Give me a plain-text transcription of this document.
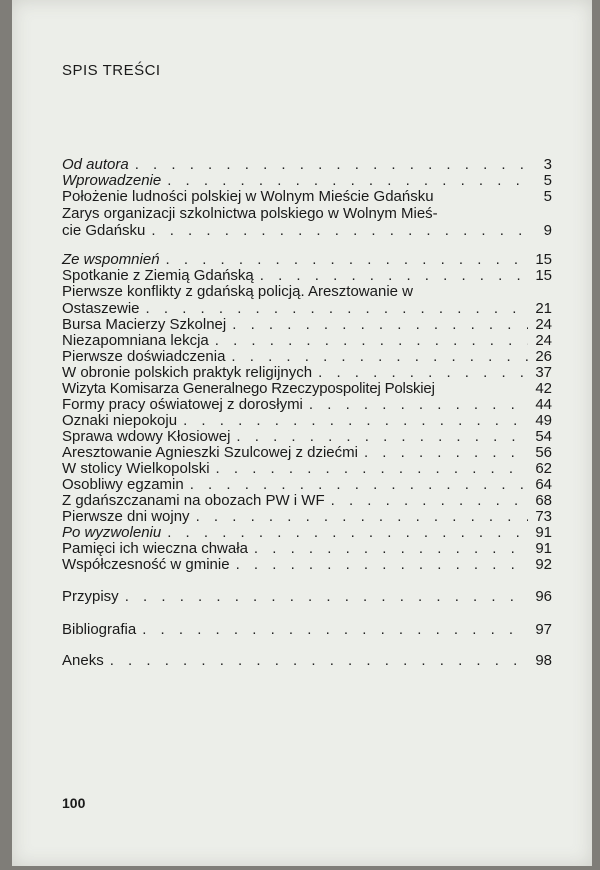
SPIS TREŚCI
Od autora . . .	3
Wprowadzenie . . .	5
Położenie ludności polskiej w Wolnym Mieście Gdańsku	5
Zarys organizacji szkolnictwa polskiego w Wolnym Mieś-
cie Gdańsku . . .	9
Ze wspomnień . . .	15
Spotkanie z Ziemią Gdańską . . .	15
Pierwsze konflikty z gdańską policją. Aresztowanie w
Ostaszewie . . .	21
Bursa Macierzy Szkolnej . . .	24
Niezapomniana lekcja . . .	24
Pierwsze doświadczenia . . .	26
W obronie polskich praktyk religijnych . . .	37
Wizyta Komisarza Generalnego Rzeczypospolitej Polskiej	42
Formy pracy oświatowej z dorosłymi . . .	44
Oznaki niepokoju . . .	49
Sprawa wdowy Kłosiowej . . .	54
Aresztowanie Agnieszki Szulcowej z dziećmi . . .	56
W stolicy Wielkopolski . . .	62
Osobliwy egzamin . . .	64
Z gdańszczanami na obozach PW i WF . . .	68
Pierwsze dni wojny . . .	73
Po wyzwoleniu . . .	91
Pamięci ich wieczna chwała . . .	91
Współczesność w gminie . . .	92
Przypisy . . .	96
Bibliografia . . .	97
Aneks . . .	98
100
